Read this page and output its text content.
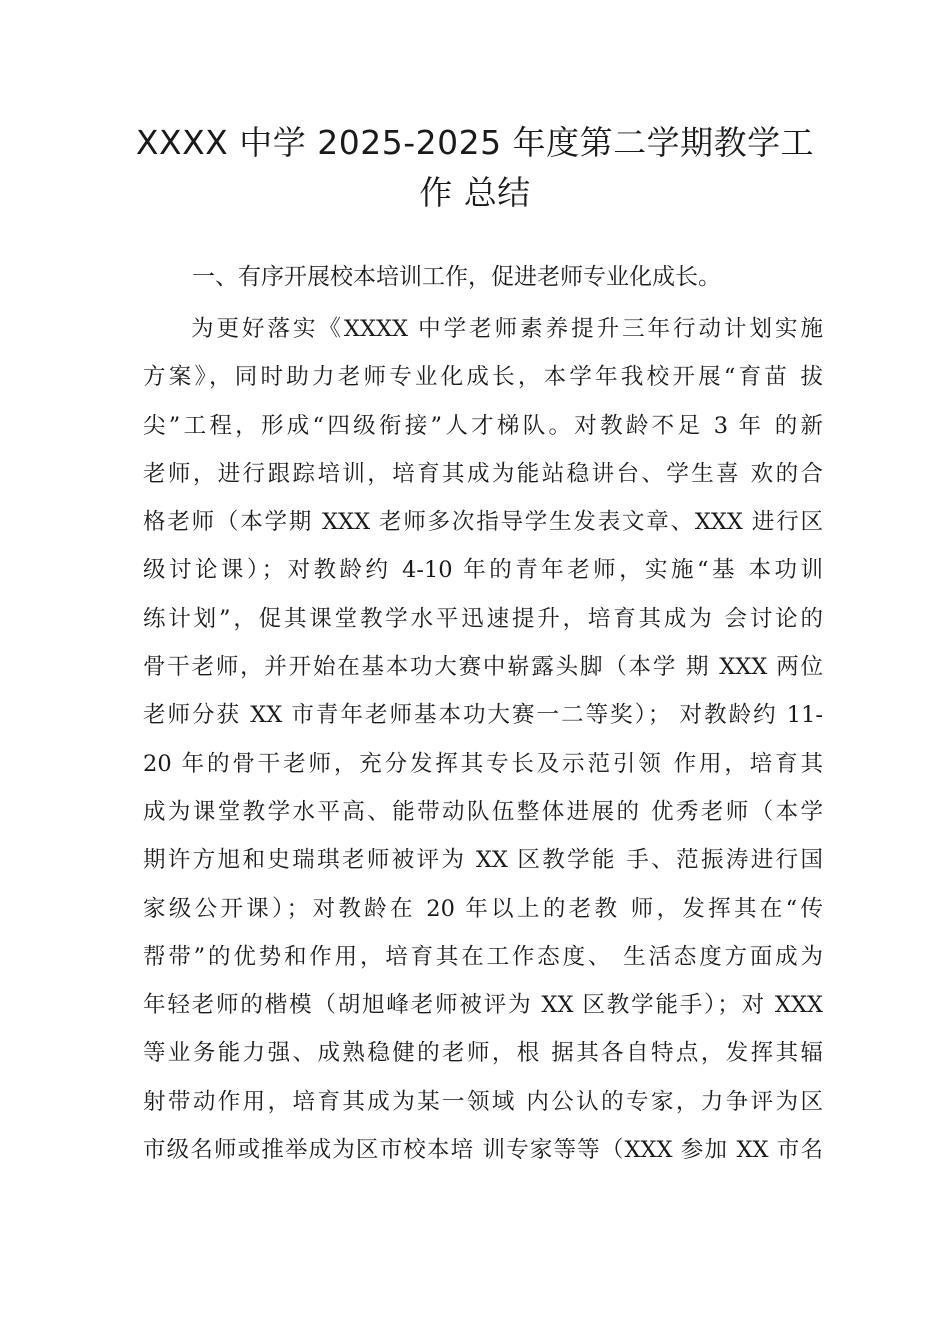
XXXX 中学 2025-2025 年度第二学期教学工
作 总结
一、有序开展校本培训工作，促进老师专业化成长。
为更好落实《XXXX 中学老师素养提升三年行动计划实施
方案》，同时助力老师专业化成长，本学年我校开展“育苗 拔
尖”工程，形成“四级衔接”人才梯队。对教龄不足 3 年 的新
老师，进行跟踪培训，培育其成为能站稳讲台、学生喜 欢的合
格老师（本学期 XXX 老师多次指导学生发表文章、XXX 进行区
级讨论课）；对教龄约 4-10 年的青年老师，实施“基 本功训
练计划”，促其课堂教学水平迅速提升，培育其成为 会讨论的
骨干老师，并开始在基本功大赛中崭露头脚（本学 期 XXX 两位
老师分获 XX 市青年老师基本功大赛一二等奖）； 对教龄约 11-
20 年的骨干老师，充分发挥其专长及示范引领 作用，培育其
成为课堂教学水平高、能带动队伍整体进展的 优秀老师（本学
期许方旭和史瑞琪老师被评为 XX 区教学能 手、范振涛进行国
家级公开课）；对教龄在 20 年以上的老教 师，发挥其在“传
帮带”的优势和作用，培育其在工作态度、 生活态度方面成为
年轻老师的楷模（胡旭峰老师被评为 XX 区教学能手）；对 XXX
等业务能力强、成熟稳健的老师，根 据其各自特点，发挥其辐
射带动作用，培育其成为某一领域 内公认的专家，力争评为区
市级名师或推举成为区市校本培 训专家等等（XXX 参加 XX 市名
